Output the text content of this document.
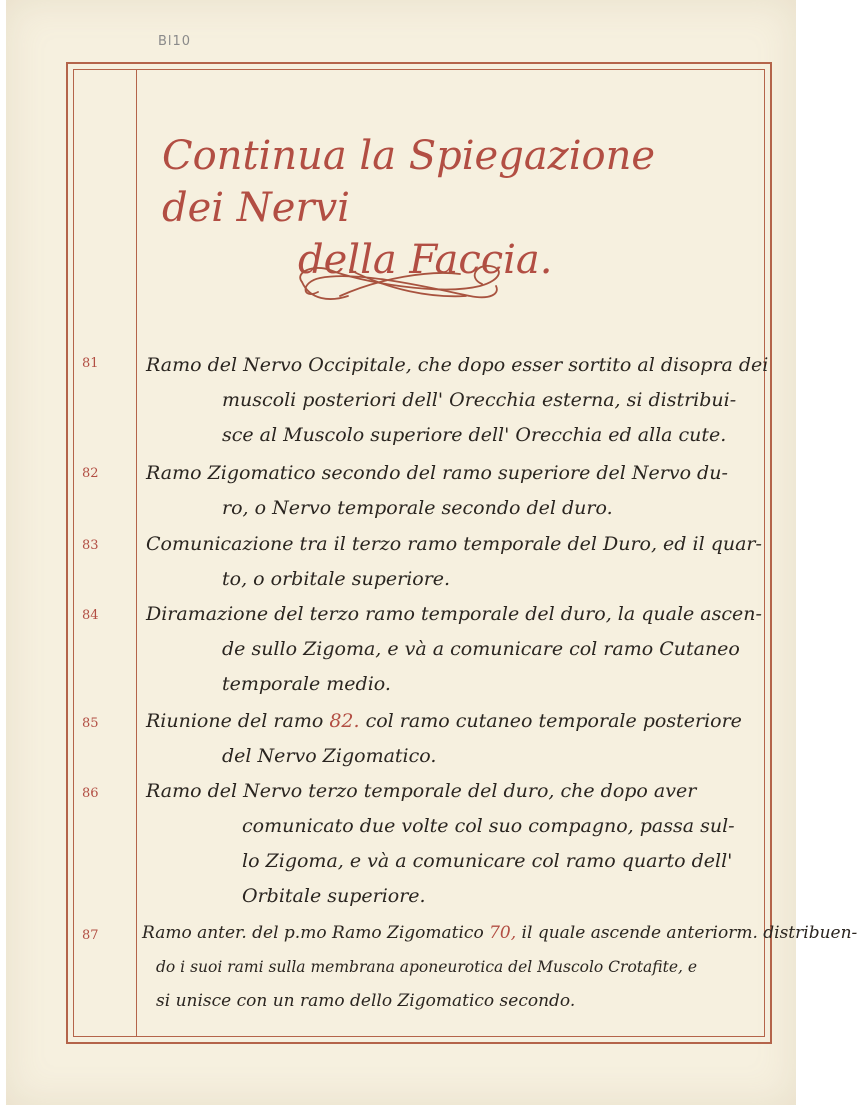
Bl10
Continua la Spiegazione dei Nervi
della Faccia.
81	Ramo del Nervo Occipitale, che dopo esser sortito al disopra dei
muscoli posteriori dell' Orecchia esterna, si distribui-
sce al Muscolo superiore dell' Orecchia ed alla cute.
82	Ramo Zigomatico secondo del ramo superiore del Nervo du-
ro, o Nervo temporale secondo del duro.
83	Comunicazione tra il terzo ramo temporale del Duro, ed il quar-
to, o orbitale superiore.
84	Diramazione del terzo ramo temporale del duro, la quale ascen-
de sullo Zigoma, e và a comunicare col ramo Cutaneo
temporale medio.
85	Riunione del ramo 82. col ramo cutaneo temporale posteriore
del Nervo Zigomatico.
86	Ramo del Nervo terzo temporale del duro, che dopo aver
comunicato due volte col suo compagno, passa sul-
lo Zigoma, e và a comunicare col ramo quarto dell'
Orbitale superiore.
87	Ramo anter. del p.mo Ramo Zigomatico 70, il quale ascende anteriorm. distribuen-
do i suoi rami sulla membrana aponeurotica del Muscolo Crotafite, e
si unisce con un ramo dello Zigomatico secondo.
